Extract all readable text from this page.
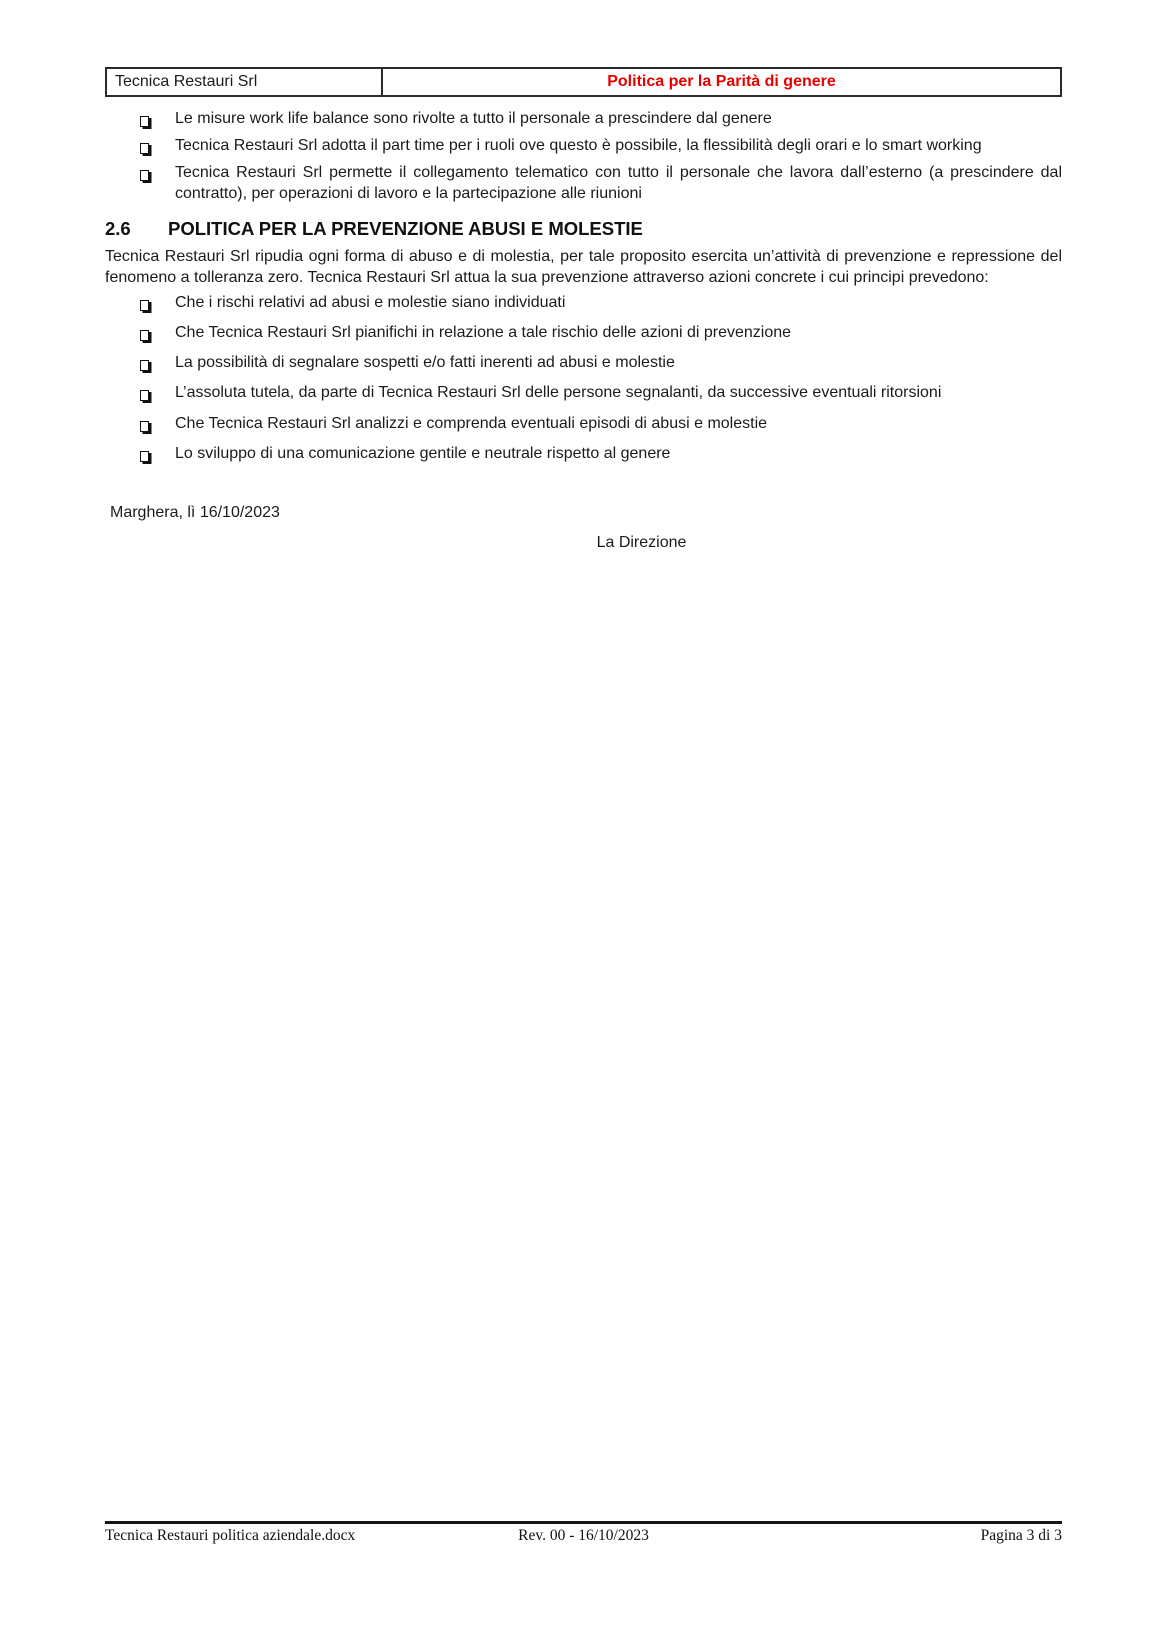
Tecnica Restauri Srl	Politica per la Parità di genere
Le misure work life balance sono rivolte a tutto il personale a prescindere dal genere
Tecnica Restauri Srl adotta il part time per i ruoli ove questo è possibile, la flessibilità degli orari e lo smart working
Tecnica Restauri Srl permette il collegamento telematico con tutto il personale che lavora dall’esterno (a prescindere dal contratto), per operazioni di lavoro e la partecipazione alle riunioni
2.6	POLITICA PER LA PREVENZIONE ABUSI E MOLESTIE

Tecnica Restauri Srl ripudia ogni forma di abuso e di molestia, per tale proposito esercita un’attività di prevenzione e repressione del fenomeno a tolleranza zero. Tecnica Restauri Srl attua la sua prevenzione attraverso azioni concrete i cui principi prevedono:

Che i rischi relativi ad abusi e molestie siano individuati
Che Tecnica Restauri Srl pianifichi in relazione a tale rischio delle azioni di prevenzione
La possibilità di segnalare sospetti e/o fatti inerenti ad abusi e molestie
L’assoluta tutela, da parte di Tecnica Restauri Srl delle persone segnalanti, da successive eventuali ritorsioni
Che Tecnica Restauri Srl analizzi e comprenda eventuali episodi di abusi e molestie
Lo sviluppo di una comunicazione gentile e neutrale rispetto al genere

Marghera, lì 16/10/2023

La Direzione

Tecnica Restauri politica aziendale.docx	Rev. 00 - 16/10/2023	Pagina 3 di 3
